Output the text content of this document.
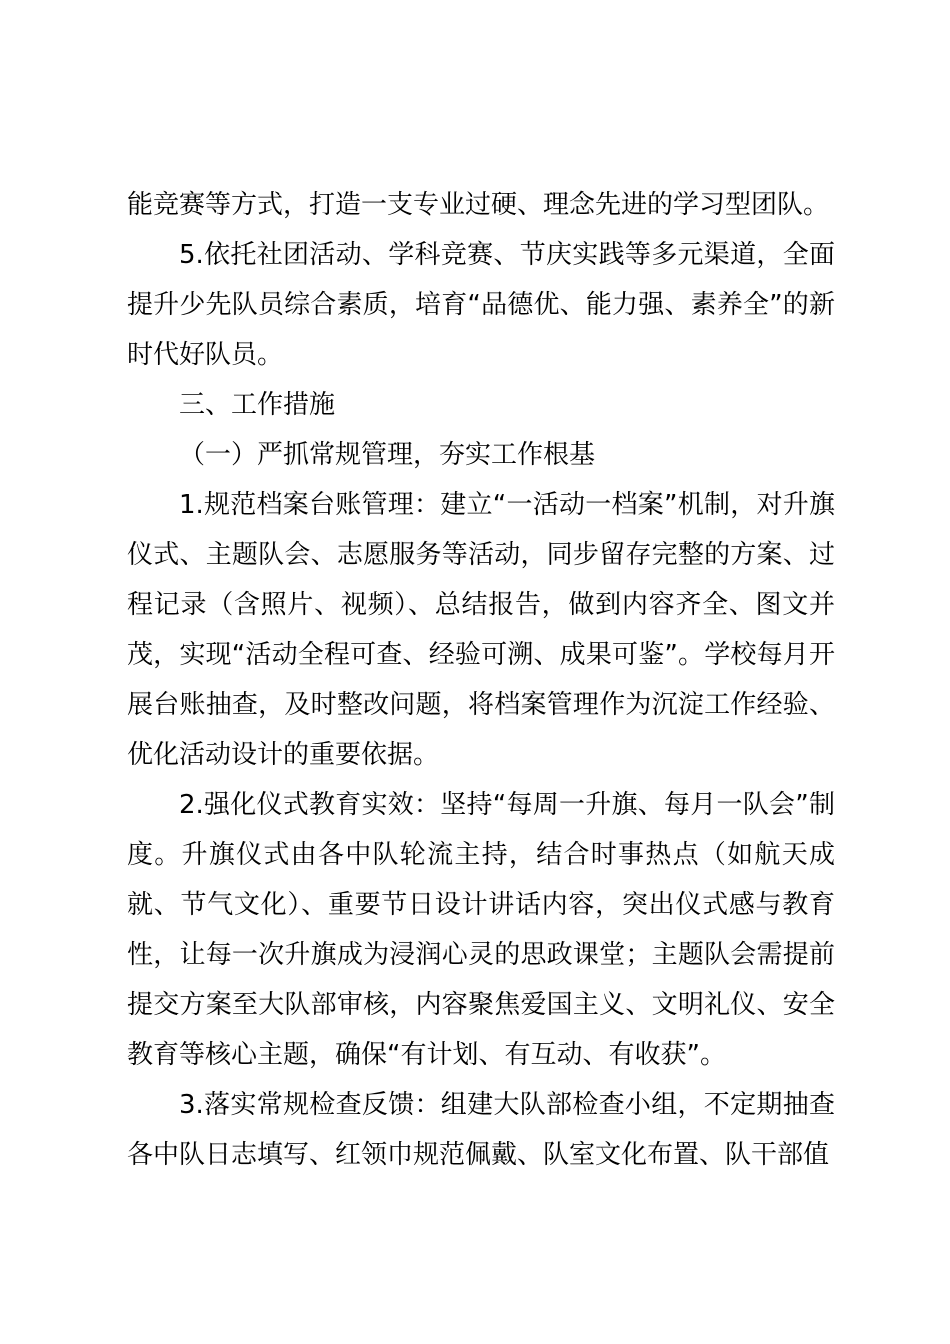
能竞赛等方式，打造一支专业过硬、理念先进的学习型团队。

5.依托社团活动、学科竞赛、节庆实践等多元渠道，全面提升少先队员综合素质，培育“品德优、能力强、素养全”的新时代好队员。

三、工作措施

（一）严抓常规管理，夯实工作根基

1.规范档案台账管理：建立“一活动一档案”机制，对升旗仪式、主题队会、志愿服务等活动，同步留存完整的方案、过程记录（含照片、视频）、总结报告，做到内容齐全、图文并茂，实现“活动全程可查、经验可溯、成果可鉴”。学校每月开展台账抽查，及时整改问题，将档案管理作为沉淀工作经验、优化活动设计的重要依据。

2.强化仪式教育实效：坚持“每周一升旗、每月一队会”制度。升旗仪式由各中队轮流主持，结合时事热点（如航天成就、节气文化）、重要节日设计讲话内容，突出仪式感与教育性，让每一次升旗成为浸润心灵的思政课堂；主题队会需提前提交方案至大队部审核，内容聚焦爱国主义、文明礼仪、安全教育等核心主题，确保“有计划、有互动、有收获”。

3.落实常规检查反馈：组建大队部检查小组，不定期抽查各中队日志填写、红领巾规范佩戴、队室文化布置、队干部值
